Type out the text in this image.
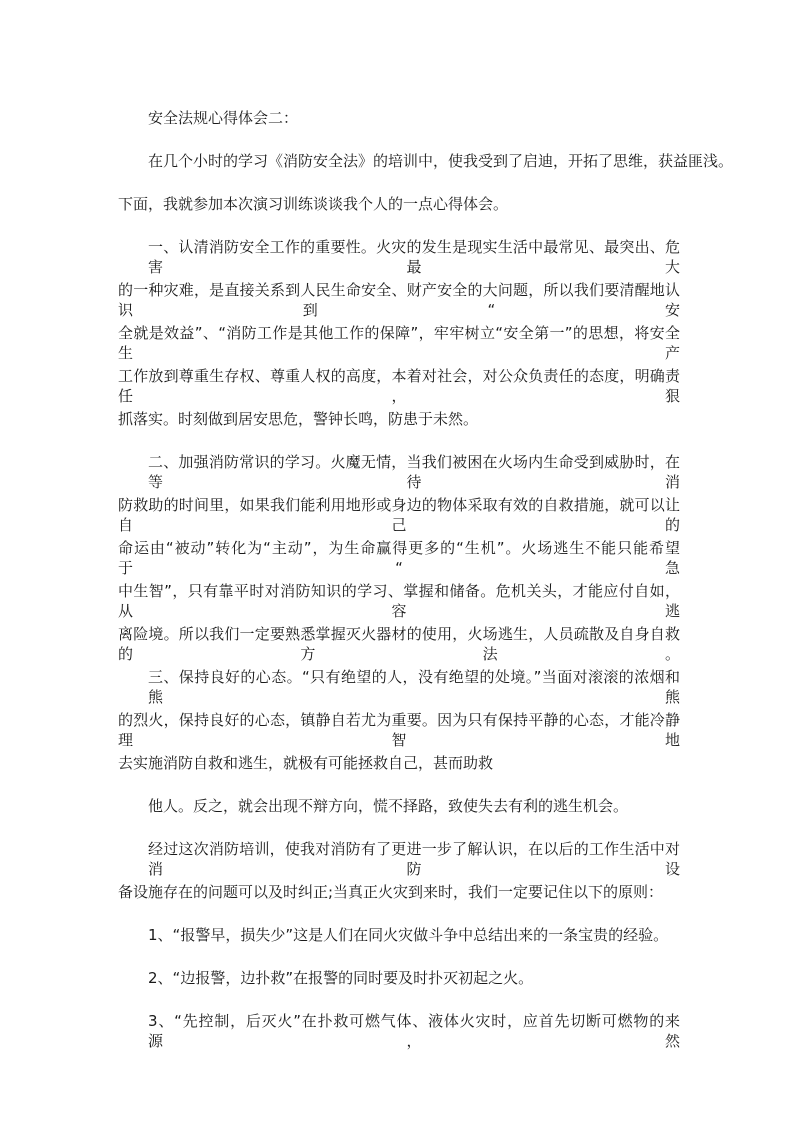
安全法规心得体会二：
在几个小时的学习《消防安全法》的培训中，使我受到了启迪，开拓了思维，获益匪浅。
下面，我就参加本次演习训练谈谈我个人的一点心得体会。
一、认清消防安全工作的重要性。火灾的发生是现实生活中最常见、最突出、危害最大
的一种灾难，是直接关系到人民生命安全、财产安全的大问题，所以我们要清醒地认识到“安
全就是效益”、“消防工作是其他工作的保障”，牢牢树立“安全第一”的思想，将安全生产
工作放到尊重生存权、尊重人权的高度，本着对社会，对公众负责任的态度，明确责任，狠
抓落实。时刻做到居安思危，警钟长鸣，防患于未然。
二、加强消防常识的学习。火魔无情，当我们被困在火场内生命受到威胁时，在等待消
防救助的时间里，如果我们能利用地形或身边的物体采取有效的自救措施，就可以让自己的
命运由“被动”转化为“主动”，为生命赢得更多的“生机”。火场逃生不能只能希望于“急
中生智”，只有靠平时对消防知识的学习、掌握和储备。危机关头，才能应付自如，从容逃
离险境。所以我们一定要熟悉掌握灭火器材的使用，火场逃生，人员疏散及自身自救的方法。
三、保持良好的心态。“只有绝望的人，没有绝望的处境。”当面对滚滚的浓烟和熊熊
的烈火，保持良好的心态，镇静自若尤为重要。因为只有保持平静的心态，才能冷静理智地
去实施消防自救和逃生，就极有可能拯救自己，甚而助救
他人。反之，就会出现不辩方向，慌不择路，致使失去有利的逃生机会。
经过这次消防培训，使我对消防有了更进一步了解认识，在以后的工作生活中对消防设
备设施存在的问题可以及时纠正;当真正火灾到来时，我们一定要记住以下的原则：
1、“报警早，损失少”这是人们在同火灾做斗争中总结出来的一条宝贵的经验。
2、“边报警，边扑救”在报警的同时要及时扑灭初起之火。
3、“先控制，后灭火”在扑救可燃气体、液体火灾时，应首先切断可燃物的来源，然
